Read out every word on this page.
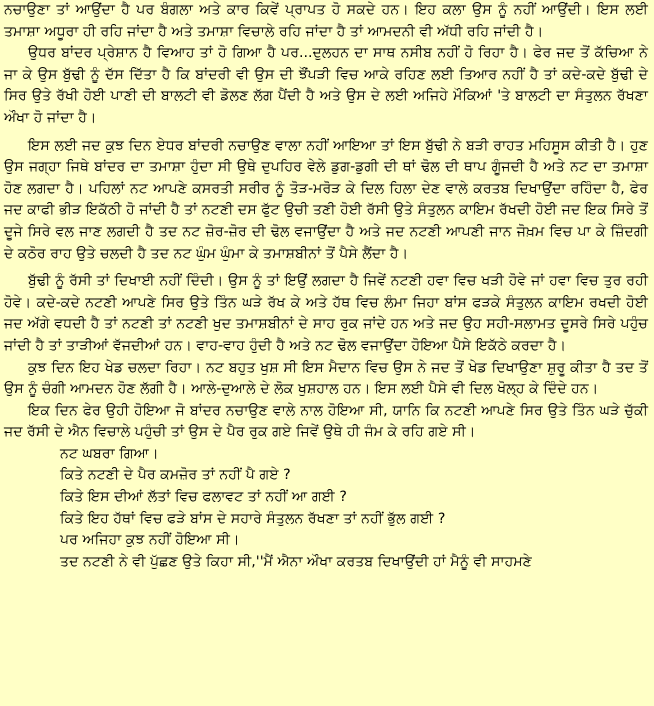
ਨਚਾਉਣਾ ਤਾਂ ਆਉਂਦਾ ਹੈ ਪਰ ਬੰਗਲਾ ਅਤੇ ਕਾਰ ਕਿਵੇਂ ਪ੍ਰਾਪਤ ਹੋ ਸਕਦੇ ਹਨ। ਇਹ ਕਲਾ ਉਸ ਨੂੰ ਨਹੀਂ ਆਉਂਦੀ। ਇਸ ਲਈ ਤਮਾਸ਼ਾ ਅਧੂਰਾ ਹੀ ਰਹਿ ਜਾਂਦਾ ਹੈ ਅਤੇ ਤਮਾਸ਼ਾ ਵਿਚਾਲੇ ਰਹਿ ਜਾਂਦਾ ਹੈ ਤਾਂ ਆਮਦਨੀ ਵੀ ਅੱਧੀ ਰਹਿ ਜਾਂਦੀ ਹੈ।

ਉਧਰ ਬਾਂਦਰ ਪ੍ਰੇਸ਼ਾਨ ਹੈ ਵਿਆਹ ਤਾਂ ਹੋ ਗਿਆ ਹੈ ਪਰ...ਦੁਲਹਨ ਦਾ ਸਾਥ ਨਸੀਬ ਨਹੀਂ ਹੋ ਰਿਹਾ ਹੈ। ਫੇਰ ਜਦ ਤੋਂ ਕੱਚਿਆ ਨੇ ਜਾ ਕੇ ਉਸ ਬੁੱਢੀ ਨੂੰ ਦੱਸ ਦਿੱਤਾ ਹੈ ਕਿ ਬਾਂਦਰੀ ਵੀ ਉਸ ਦੀ ਝੌਂਪੜੀ ਵਿਚ ਆਕੇ ਰਹਿਣ ਲਈ ਤਿਆਰ ਨਹੀਂ ਹੈ ਤਾਂ ਕਦੇ-ਕਦੇ ਬੁੱਢੀ ਦੇ ਸਿਰ ਉਤੇ ਰੱਖੀ ਹੋਈ ਪਾਣੀ ਦੀ ਬਾਲਟੀ ਵੀ ਡੋਲਣ ਲੱਗ ਪੈਂਦੀ ਹੈ ਅਤੇ ਉਸ ਦੇ ਲਈ ਅਜਿਹੇ ਮੌਕਿਆਂ 'ਤੇ ਬਾਲਟੀ ਦਾ ਸੰਤੁਲਨ ਰੱਖਣਾ ਔਖਾ ਹੋ ਜਾਂਦਾ ਹੈ।

ਇਸ ਲਈ ਜਦ ਕੁਝ ਦਿਨ ਏਧਰ ਬਾਂਦਰੀ ਨਚਾਉਣ ਵਾਲਾ ਨਹੀਂ ਆਇਆ ਤਾਂ ਇਸ ਬੁੱਢੀ ਨੇ ਬੜੀ ਰਾਹਤ ਮਹਿਸੂਸ ਕੀਤੀ ਹੈ। ਹੁਣ ਉਸ ਜਗ੍ਹਾ ਜਿਥੇ ਬਾਂਦਰ ਦਾ ਤਮਾਸ਼ਾ ਹੁੰਦਾ ਸੀ ਉਥੇ ਦੁਪਹਿਰ ਵੇਲੇ ਡੁਗ-ਡੁਗੀ ਦੀ ਥਾਂ ਢੋਲ ਦੀ ਥਾਪ ਗੂੰਜਦੀ ਹੈ ਅਤੇ ਨਟ ਦਾ ਤਮਾਸ਼ਾ ਹੋਣ ਲਗਦਾ ਹੈ। ਪਹਿਲਾਂ ਨਟ ਆਪਣੇ ਕਸਰਤੀ ਸਰੀਰ ਨੂੰ ਤੋੜ-ਮਰੋੜ ਕੇ ਦਿਲ ਹਿਲਾ ਦੇਣ ਵਾਲੇ ਕਰਤਬ ਦਿਖਾਉਂਦਾ ਰਹਿੰਦਾ ਹੈ, ਫੇਰ ਜਦ ਕਾਫੀ ਭੀੜ ਇਕੱਠੀ ਹੋ ਜਾਂਦੀ ਹੈ ਤਾਂ ਨਟਣੀ ਦਸ ਫੁੱਟ ਉਚੀ ਤਣੀ ਹੋਈ ਰੱਸੀ ਉਤੇ ਸੰਤੁਲਨ ਕਾਇਮ ਰੱਖਦੀ ਹੋਈ ਜਦ ਇਕ ਸਿਰੇ ਤੋਂ ਦੂਜੇ ਸਿਰੇ ਵਲ ਜਾਣ ਲਗਦੀ ਹੈ ਤਦ ਨਟ ਜ਼ੋਰ-ਜ਼ੋਰ ਦੀ ਢੋਲ ਵਜਾਉਂਦਾ ਹੈ ਅਤੇ ਜਦ ਨਟਣੀ ਆਪਣੀ ਜਾਨ ਜੋਖ਼ਮ ਵਿਚ ਪਾ ਕੇ ਜ਼ਿੰਦਗੀ ਦੇ ਕਠੋਰ ਰਾਹ ਉਤੇ ਚਲਦੀ ਹੈ ਤਦ ਨਟ ਘੁੰਮ ਘੁੰਮਾ ਕੇ ਤਮਾਸ਼ਬੀਨਾਂ ਤੋਂ ਪੈਸੇ ਲੈਂਦਾ ਹੈ।

ਬੁੱਢੀ ਨੂੰ ਰੱਸੀ ਤਾਂ ਦਿਖਾਈ ਨਹੀਂ ਦਿੰਦੀ। ਉਸ ਨੂੰ ਤਾਂ ਇਉਂ ਲਗਦਾ ਹੈ ਜਿਵੇਂ ਨਟਣੀ ਹਵਾ ਵਿਚ ਖੜੀ ਹੋਵੇ ਜਾਂ ਹਵਾ ਵਿਚ ਤੁਰ ਰਹੀ ਹੋਵੇ। ਕਦੇ-ਕਦੇ ਨਟਣੀ ਆਪਣੇ ਸਿਰ ਉਤੇ ਤਿੰਨ ਘੜੇ ਰੱਖ ਕੇ ਅਤੇ ਹੱਥ ਵਿਚ ਲੰਮਾ ਜਿਹਾ ਬਾਂਸ ਫੜਕੇ ਸੰਤੁਲਨ ਕਾਇਮ ਰਖਦੀ ਹੋਈ ਜਦ ਅੱਗੇ ਵਧਦੀ ਹੈ ਤਾਂ ਨਟਣੀ ਤਾਂ ਨਟਣੀ ਖੁਦ ਤਮਾਸ਼ਬੀਨਾਂ ਦੇ ਸਾਹ ਰੁਕ ਜਾਂਦੇ ਹਨ ਅਤੇ ਜਦ ਉਹ ਸਹੀ-ਸਲਾਮਤ ਦੂਸਰੇ ਸਿਰੇ ਪਹੁੰਚ ਜਾਂਦੀ ਹੈ ਤਾਂ ਤਾੜੀਆਂ ਵੱਜਦੀਆਂ ਹਨ। ਵਾਹ-ਵਾਹ ਹੁੰਦੀ ਹੈ ਅਤੇ ਨਟ ਢੋਲ ਵਜਾਉਂਦਾ ਹੋਇਆ ਪੈਸੇ ਇਕੱਠੇ ਕਰਦਾ ਹੈ।

ਕੁਝ ਦਿਨ ਇਹ ਖੇਡ ਚਲਦਾ ਰਿਹਾ। ਨਟ ਬਹੁਤ ਖੁਸ਼ ਸੀ ਇਸ ਮੈਦਾਨ ਵਿਚ ਉਸ ਨੇ ਜਦ ਤੋਂ ਖੇਡ ਦਿਖਾਉਣਾ ਸ਼ੁਰੂ ਕੀਤਾ ਹੈ ਤਦ ਤੋਂ ਉਸ ਨੂੰ ਚੰਗੀ ਆਮਦਨ ਹੋਣ ਲੱਗੀ ਹੈ। ਆਲੇ-ਦੁਆਲੇ ਦੇ ਲੋਕ ਖੁਸ਼ਹਾਲ ਹਨ। ਇਸ ਲਈ ਪੈਸੇ ਵੀ ਦਿਲ ਖੋਲ੍ਹ ਕੇ ਦਿੰਦੇ ਹਨ।

ਇਕ ਦਿਨ ਫੇਰ ਉਹੀ ਹੋਇਆ ਜੋ ਬਾਂਦਰ ਨਚਾਉਣ ਵਾਲੇ ਨਾਲ ਹੋਇਆ ਸੀ, ਯਾਨਿ ਕਿ ਨਟਣੀ ਆਪਣੇ ਸਿਰ ਉਤੇ ਤਿੰਨ ਘੜੇ ਚੁੱਕੀ ਜਦ ਰੱਸੀ ਦੇ ਐਨ ਵਿਚਾਲੇ ਪਹੁੰਚੀ ਤਾਂ ਉਸ ਦੇ ਪੈਰ ਰੁਕ ਗਏ ਜਿਵੇਂ ਉਥੇ ਹੀ ਜੰਮ ਕੇ ਰਹਿ ਗਏ ਸੀ।

ਨਟ ਘਬਰਾ ਗਿਆ।
ਕਿਤੇ ਨਟਣੀ ਦੇ ਪੈਰ ਕਮਜ਼ੋਰ ਤਾਂ ਨਹੀਂ ਪੈ ਗਏ ?
ਕਿਤੇ ਇਸ ਦੀਆਂ ਲੱਤਾਂ ਵਿਚ ਫਲਾਵਟ ਤਾਂ ਨਹੀਂ ਆ ਗਈ ?
ਕਿਤੇ ਇਹ ਹੱਥਾਂ ਵਿਚ ਫੜੇ ਬਾਂਸ ਦੇ ਸਹਾਰੇ ਸੰਤੁਲਨ ਰੱਖਣਾ ਤਾਂ ਨਹੀਂ ਭੁੱਲ ਗਈ ?
ਪਰ ਅਜਿਹਾ ਕੁਝ ਨਹੀਂ ਹੋਇਆ ਸੀ।

ਤਦ ਨਟਣੀ ਨੇ ਵੀ ਪੁੱਛਣ ਉਤੇ ਕਿਹਾ ਸੀ,''ਮੈਂ ਐਨਾ ਔਖਾ ਕਰਤਬ ਦਿਖਾਉਂਦੀ ਹਾਂ ਮੈਨੂੰ ਵੀ ਸਾਹਮਣੇ
